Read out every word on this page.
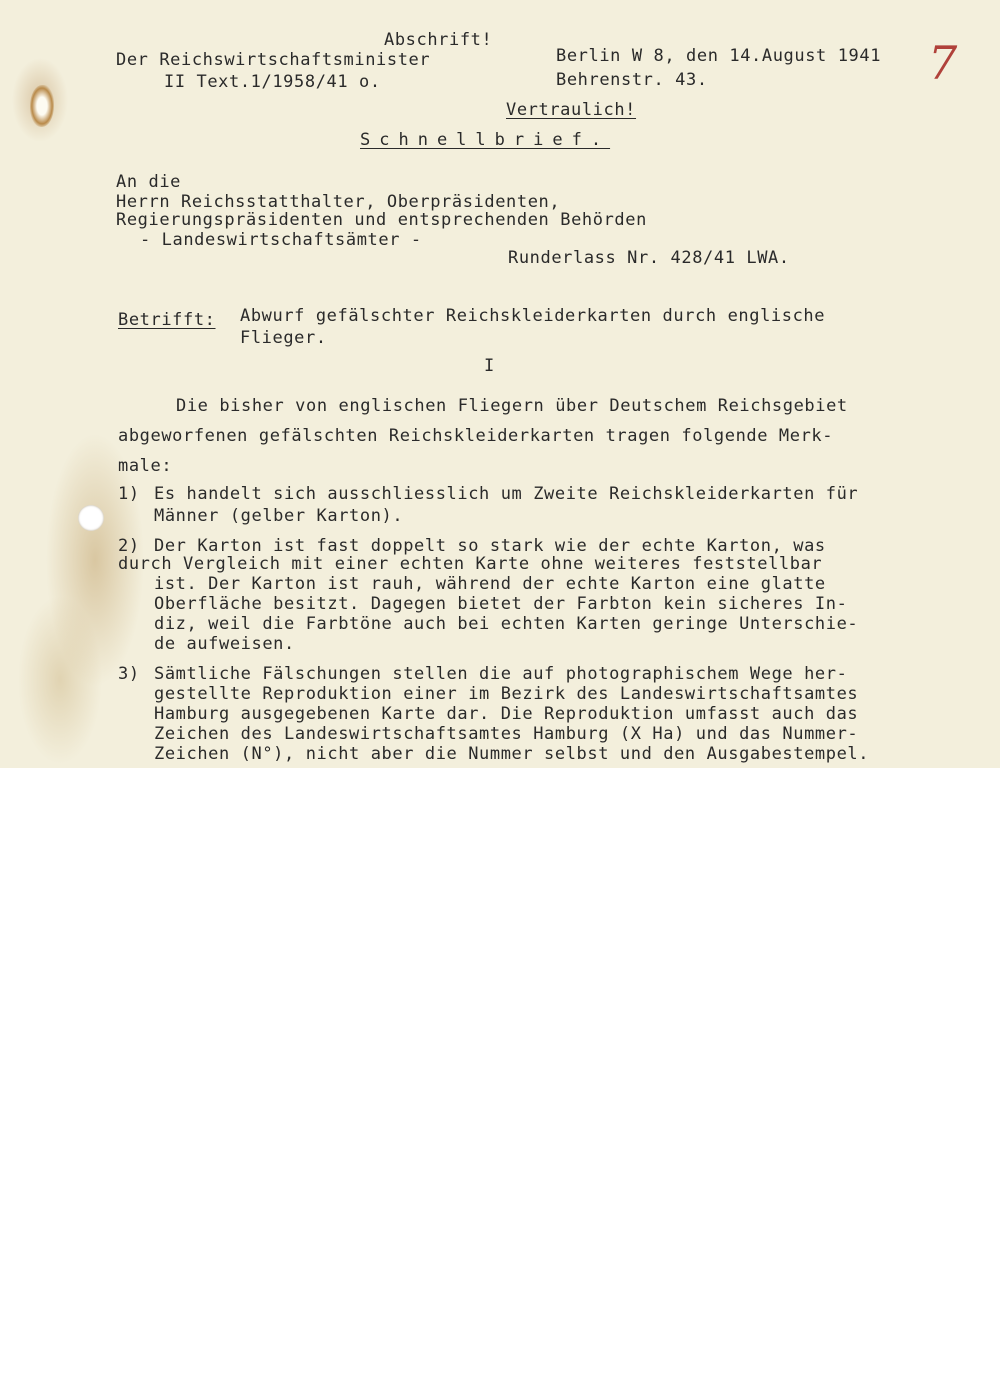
Abschrift!
Der Reichswirtschaftsminister
II Text.1/1958/41 o.
Berlin W 8, den 14.August 1941
Behrenstr. 43.	7
Vertraulich!
Schnellbrief.
An die
Herrn Reichsstatthalter, Oberpräsidenten,
Regierungspräsidenten und entsprechenden Behörden
- Landeswirtschaftsämter -
Runderlass Nr. 428/41 LWA.
Betrifft: Abwurf gefälschter Reichskleiderkarten durch englische
Flieger.
I
Die bisher von englischen Fliegern über Deutschem Reichsgebiet
abgeworfenen gefälschten Reichskleiderkarten tragen folgende Merk-
male:
1) Es handelt sich ausschliesslich um Zweite Reichskleiderkarten für
Männer (gelber Karton).
2) Der Karton ist fast doppelt so stark wie der echte Karton, was
durch Vergleich mit einer echten Karte ohne weiteres feststellbar
ist. Der Karton ist rauh, während der echte Karton eine glatte
Oberfläche besitzt. Dagegen bietet der Farbton kein sicheres In-
diz, weil die Farbtöne auch bei echten Karten geringe Unterschie-
de aufweisen.
3) Sämtliche Fälschungen stellen die auf photographischem Wege her-
gestellte Reproduktion einer im Bezirk des Landeswirtschaftsamtes
Hamburg ausgegebenen Karte dar. Die Reproduktion umfasst auch das
Zeichen des Landeswirtschaftsamtes Hamburg (X Ha) und das Nummer-
Zeichen (N°), nicht aber die Nummer selbst und den Ausgabestempel.
